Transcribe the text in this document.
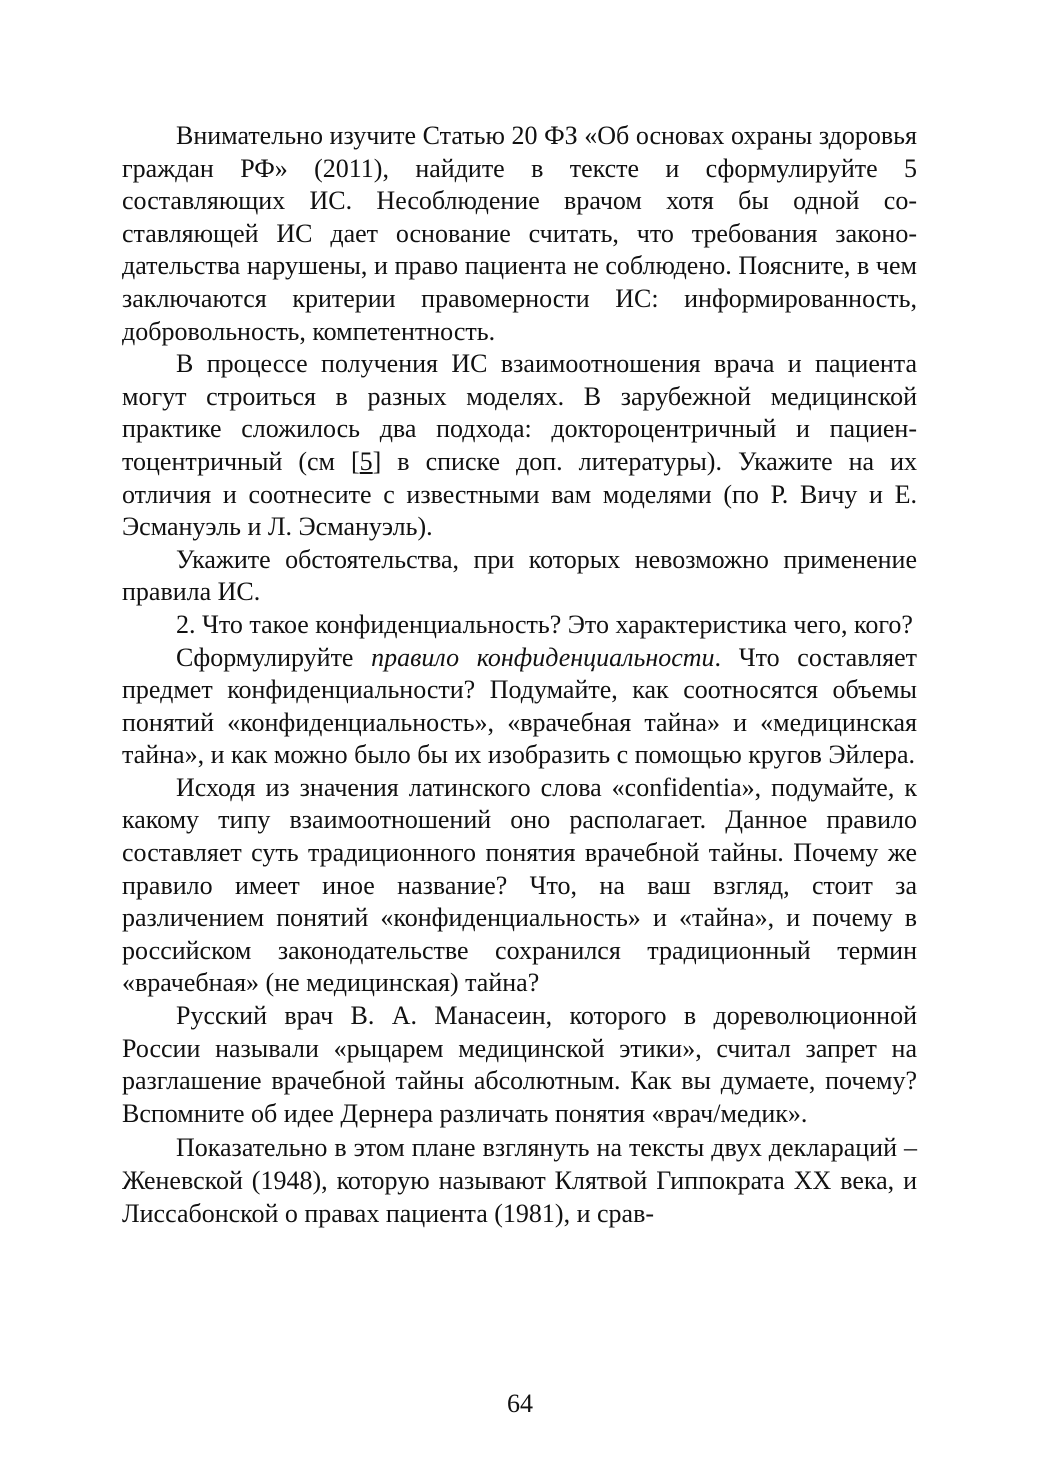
Внимательно изучите Статью 20 ФЗ «Об основах охраны здоровья граждан РФ» (2011), найдите в тексте и сформулируйте 5 составляющих ИС. Несоблюдение врачом хотя бы одной составляющей ИС дает основание считать, что требования законодательства нарушены, и право пациента не соблюдено. Поясните, в чем заключаются критерии правомерности ИС: информированность, добровольность, компетентность.

В процессе получения ИС взаимоотношения врача и пациента могут строиться в разных моделях. В зарубежной медицинской практике сложилось два подхода: доктороцентричный и пациентоцентричный (см [5] в списке доп. литературы). Укажите на их отличия и соотнесите с известными вам моделями (по Р. Вичу и Е. Эсмануэль и Л. Эсмануэль).

Укажите обстоятельства, при которых невозможно применение правила ИС.

2. Что такое конфиденциальность? Это характеристика чего, кого?

Сформулируйте правило конфиденциальности. Что составляет предмет конфиденциальности? Подумайте, как соотносятся объемы понятий «конфиденциальность», «врачебная тайна» и «медицинская тайна», и как можно было бы их изобразить с помощью кругов Эйлера.

Исходя из значения латинского слова «confidentia», подумайте, к какому типу взаимоотношений оно располагает. Данное правило составляет суть традиционного понятия врачебной тайны. Почему же правило имеет иное название? Что, на ваш взгляд, стоит за различением понятий «конфиденциальность» и «тайна», и почему в российском законодательстве сохранился традиционный термин «врачебная» (не медицинская) тайна?

Русский врач В. А. Манасеин, которого в дореволюционной России называли «рыцарем медицинской этики», считал запрет на разглашение врачебной тайны абсолютным. Как вы думаете, почему? Вспомните об идее Дернера различать понятия «врач/медик».

Показательно в этом плане взглянуть на тексты двух деклараций – Женевской (1948), которую называют Клятвой Гиппократа XX века, и Лиссабонской о правах пациента (1981), и срав-

64
